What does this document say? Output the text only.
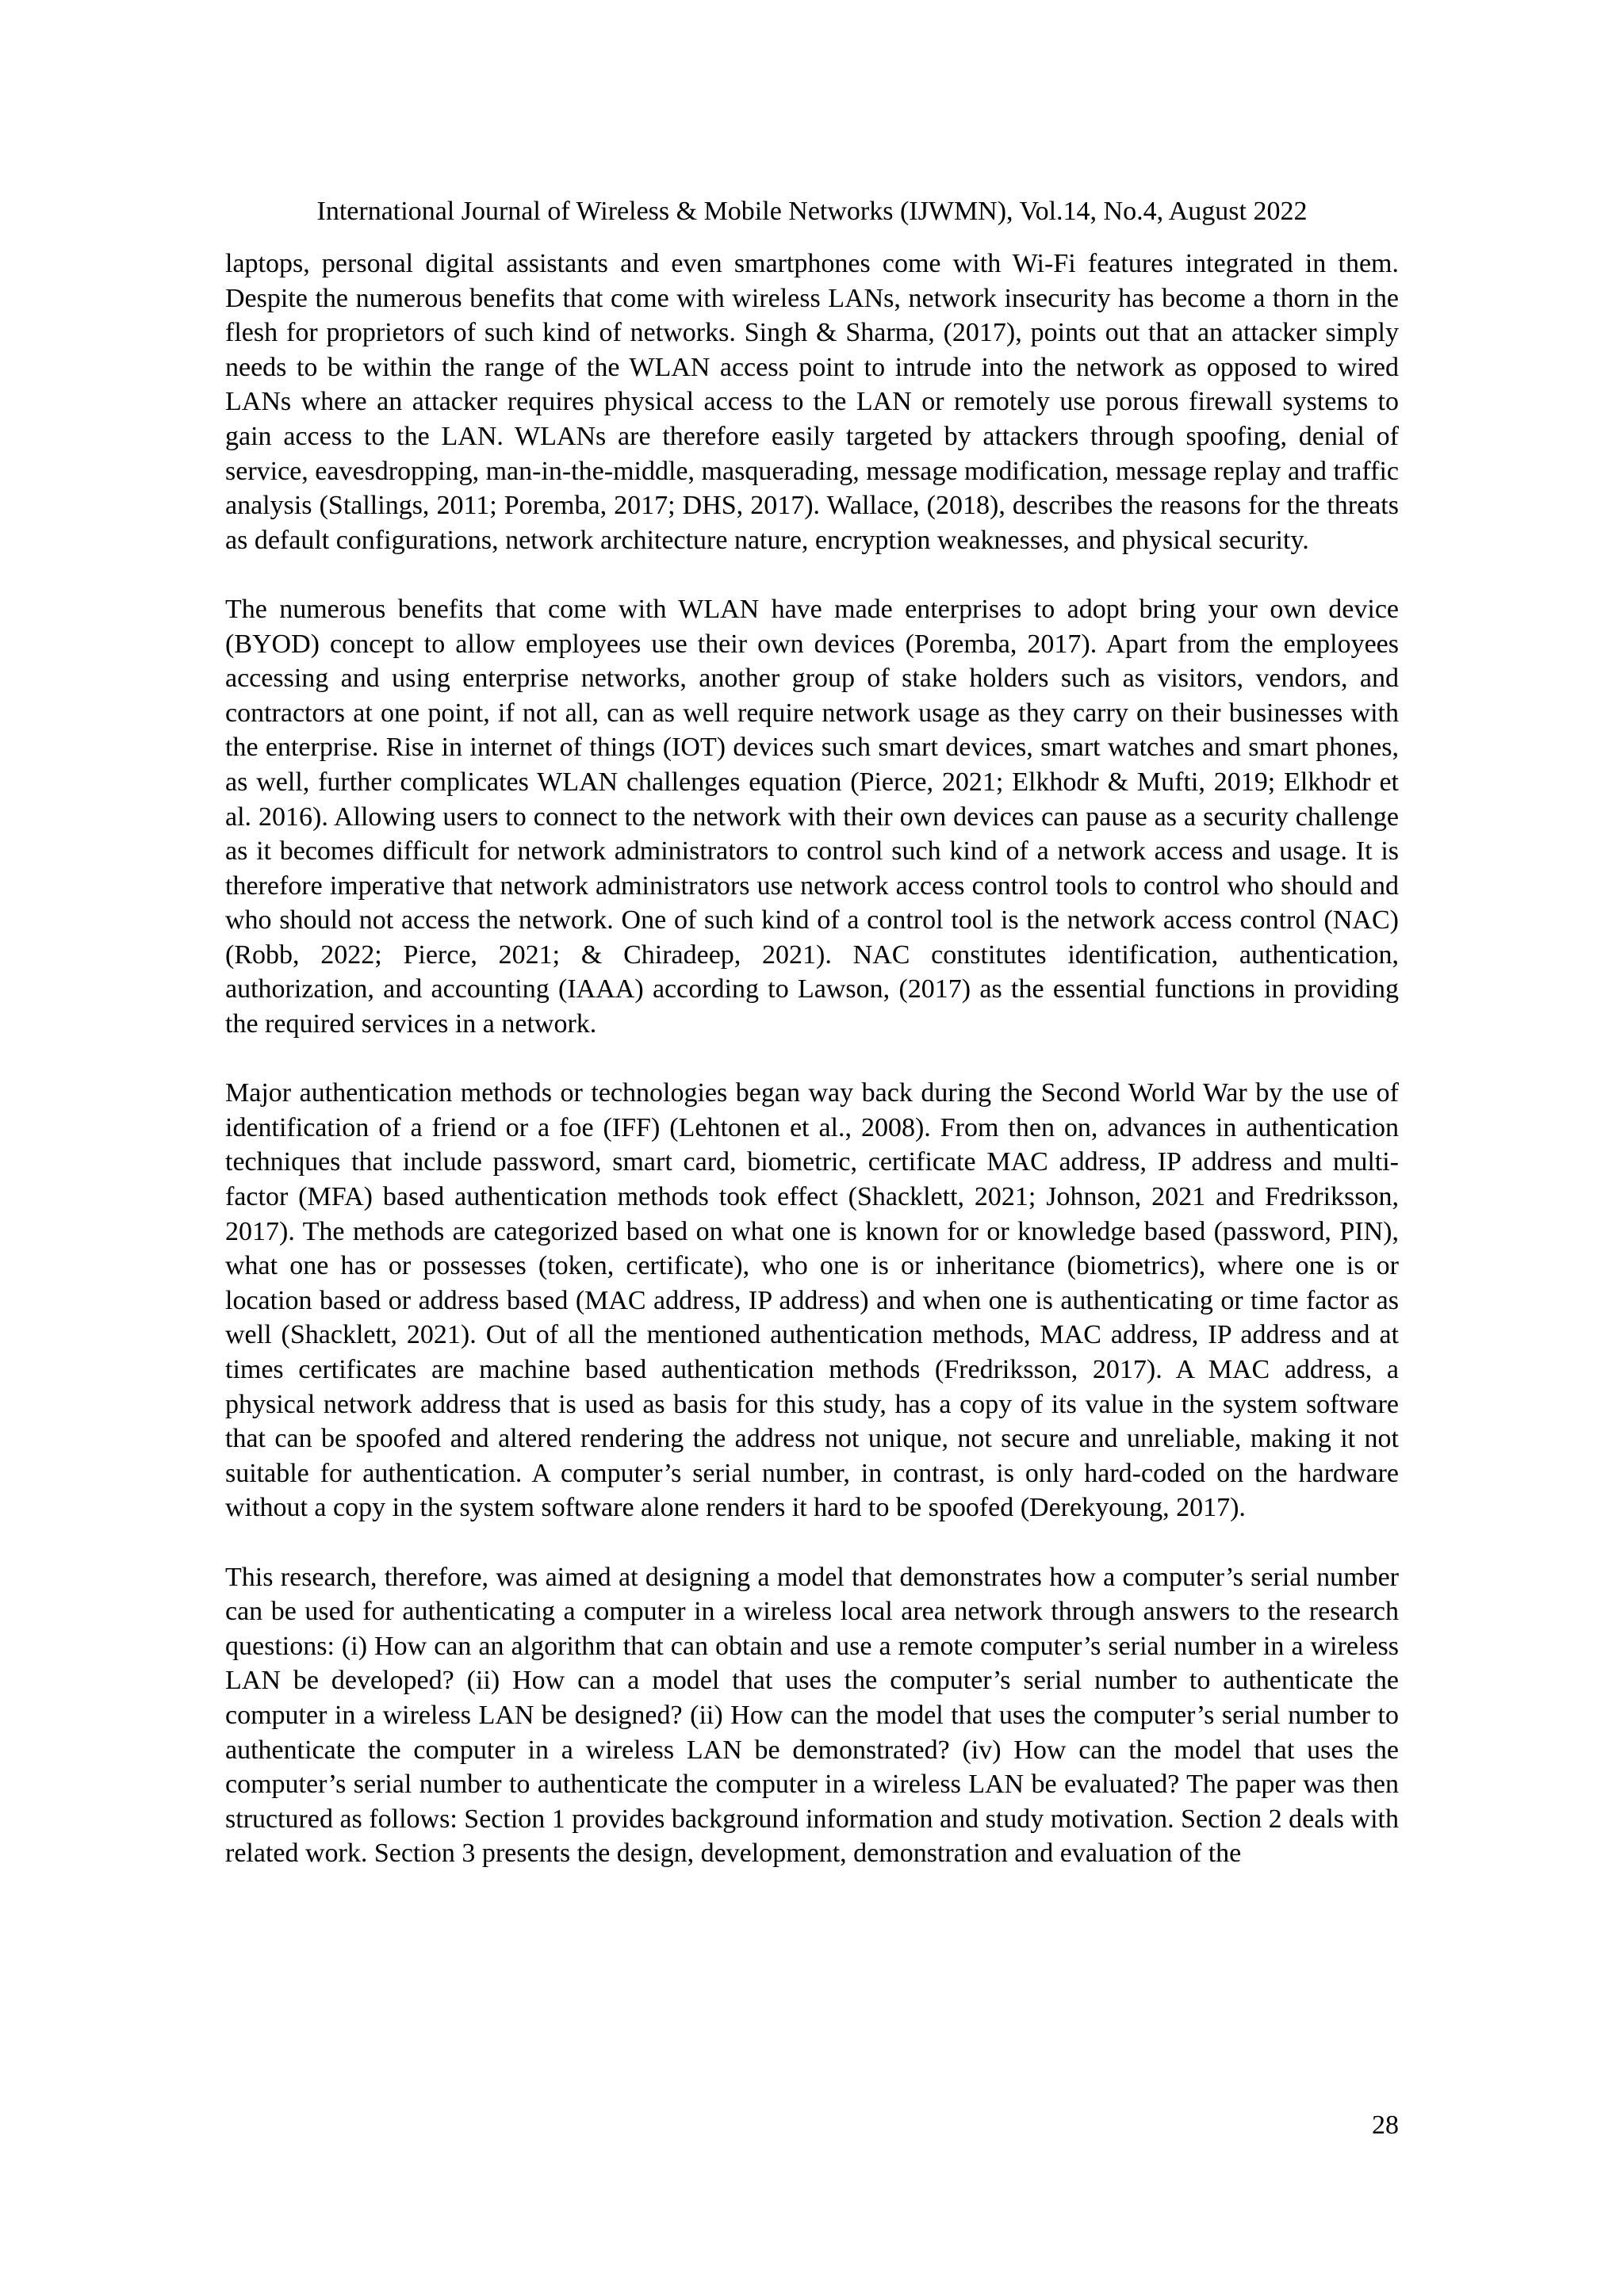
International Journal of Wireless & Mobile Networks (IJWMN), Vol.14, No.4, August 2022

laptops, personal digital assistants and even smartphones come with Wi-Fi features integrated in them. Despite the numerous benefits that come with wireless LANs, network insecurity has become a thorn in the flesh for proprietors of such kind of networks. Singh & Sharma, (2017), points out that an attacker simply needs to be within the range of the WLAN access point to intrude into the network as opposed to wired LANs where an attacker requires physical access to the LAN or remotely use porous firewall systems to gain access to the LAN. WLANs are therefore easily targeted by attackers through spoofing, denial of service, eavesdropping, man-in-the-middle, masquerading, message modification, message replay and traffic analysis (Stallings, 2011; Poremba, 2017; DHS, 2017). Wallace, (2018), describes the reasons for the threats as default configurations, network architecture nature, encryption weaknesses, and physical security.

The numerous benefits that come with WLAN have made enterprises to adopt bring your own device (BYOD) concept to allow employees use their own devices (Poremba, 2017). Apart from the employees accessing and using enterprise networks, another group of stake holders such as visitors, vendors, and contractors at one point, if not all, can as well require network usage as they carry on their businesses with the enterprise. Rise in internet of things (IOT) devices such smart devices, smart watches and smart phones, as well, further complicates WLAN challenges equation (Pierce, 2021; Elkhodr & Mufti, 2019; Elkhodr et al. 2016). Allowing users to connect to the network with their own devices can pause as a security challenge as it becomes difficult for network administrators to control such kind of a network access and usage. It is therefore imperative that network administrators use network access control tools to control who should and who should not access the network. One of such kind of a control tool is the network access control (NAC) (Robb, 2022; Pierce, 2021; & Chiradeep, 2021). NAC constitutes identification, authentication, authorization, and accounting (IAAA) according to Lawson, (2017) as the essential functions in providing the required services in a network.

Major authentication methods or technologies began way back during the Second World War by the use of identification of a friend or a foe (IFF) (Lehtonen et al., 2008). From then on, advances in authentication techniques that include password, smart card, biometric, certificate MAC address, IP address and multi-factor (MFA) based authentication methods took effect (Shacklett, 2021; Johnson, 2021 and Fredriksson, 2017). The methods are categorized based on what one is known for or knowledge based (password, PIN), what one has or possesses (token, certificate), who one is or inheritance (biometrics), where one is or location based or address based (MAC address, IP address) and when one is authenticating or time factor as well (Shacklett, 2021). Out of all the mentioned authentication methods, MAC address, IP address and at times certificates are machine based authentication methods (Fredriksson, 2017). A MAC address, a physical network address that is used as basis for this study, has a copy of its value in the system software that can be spoofed and altered rendering the address not unique, not secure and unreliable, making it not suitable for authentication. A computer’s serial number, in contrast, is only hard-coded on the hardware without a copy in the system software alone renders it hard to be spoofed (Derekyoung, 2017).

This research, therefore, was aimed at designing a model that demonstrates how a computer’s serial number can be used for authenticating a computer in a wireless local area network through answers to the research questions: (i) How can an algorithm that can obtain and use a remote computer’s serial number in a wireless LAN be developed? (ii) How can a model that uses the computer’s serial number to authenticate the computer in a wireless LAN be designed? (ii) How can the model that uses the computer’s serial number to authenticate the computer in a wireless LAN be demonstrated? (iv) How can the model that uses the computer’s serial number to authenticate the computer in a wireless LAN be evaluated? The paper was then structured as follows: Section 1 provides background information and study motivation. Section 2 deals with related work. Section 3 presents the design, development, demonstration and evaluation of the

28
